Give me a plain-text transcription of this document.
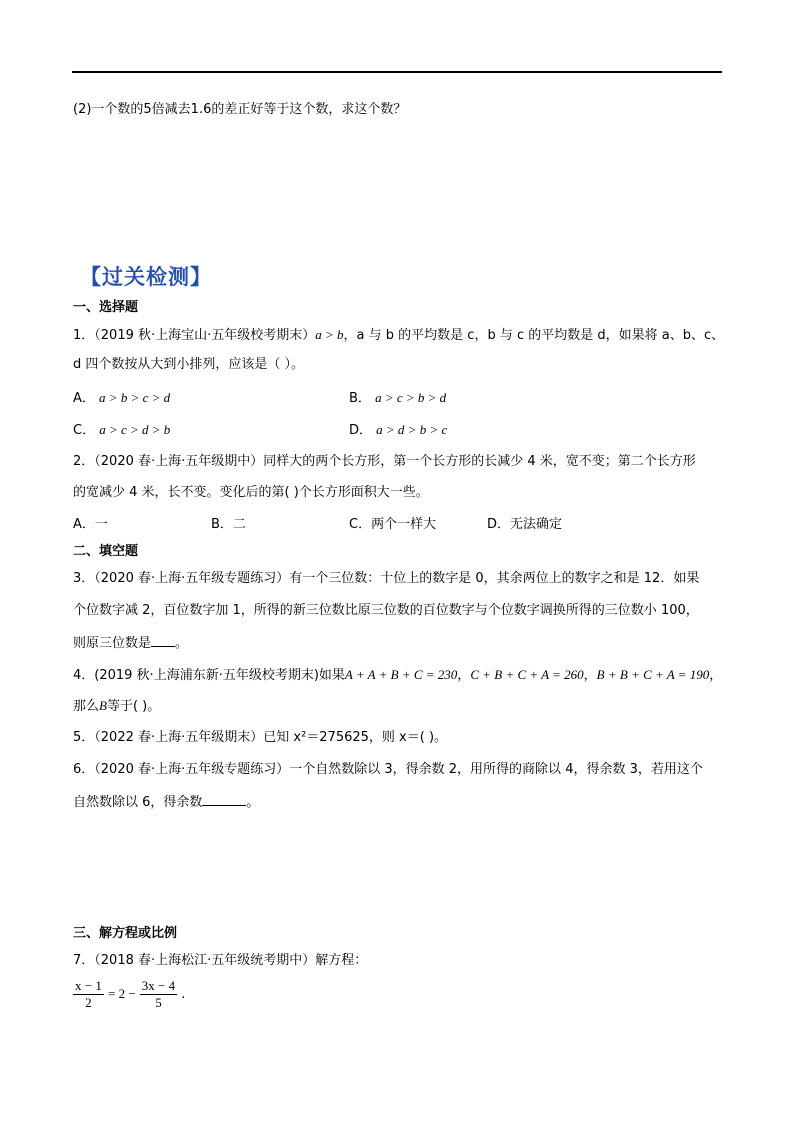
(2)一个数的5倍减去1.6的差正好等于这个数，求这个数？
【过关检测】
一、选择题
1．（2019 秋·上海宝山·五年级校考期末）a > b，a 与 b 的平均数是 c，b 与 c 的平均数是 d，如果将 a、b、c、
d 四个数按从大到小排列，应该是（ ）。
A． a > b > c > d	B． a > c > b > d
C． a > c > d > b	D． a > d > b > c
2．（2020 春·上海·五年级期中）同样大的两个长方形，第一个长方形的长减少 4 米，宽不变；第二个长方形
的宽减少 4 米，长不变。变化后的第( )个长方形面积大一些。
A．一	B．二	C．两个一样大	D．无法确定
二、填空题
3．（2020 春·上海·五年级专题练习）有一个三位数：十位上的数字是 0，其余两位上的数字之和是 12．如果
个位数字减 2，百位数字加 1，所得的新三位数比原三位数的百位数字与个位数字调换所得的三位数小 100，
则原三位数是 。
4．(2019 秋·上海浦东新·五年级校考期末)如果A + A + B + C = 230，C + B + C + A = 260，B + B + C + A = 190，
那么B等于( )。
5．（2022 春·上海·五年级期末）已知 x²＝275625，则 x＝( )。
6．（2020 春·上海·五年级专题练习）一个自然数除以 3，得余数 2，用所得的商除以 4，得余数 3，若用这个
自然数除以 6，得余数	。
三、解方程或比例
7．（2018 春·上海松江·五年级统考期中）解方程：
$\frac{x - 1}{2} = 2 - \frac{3x - 4}{5}$ .
